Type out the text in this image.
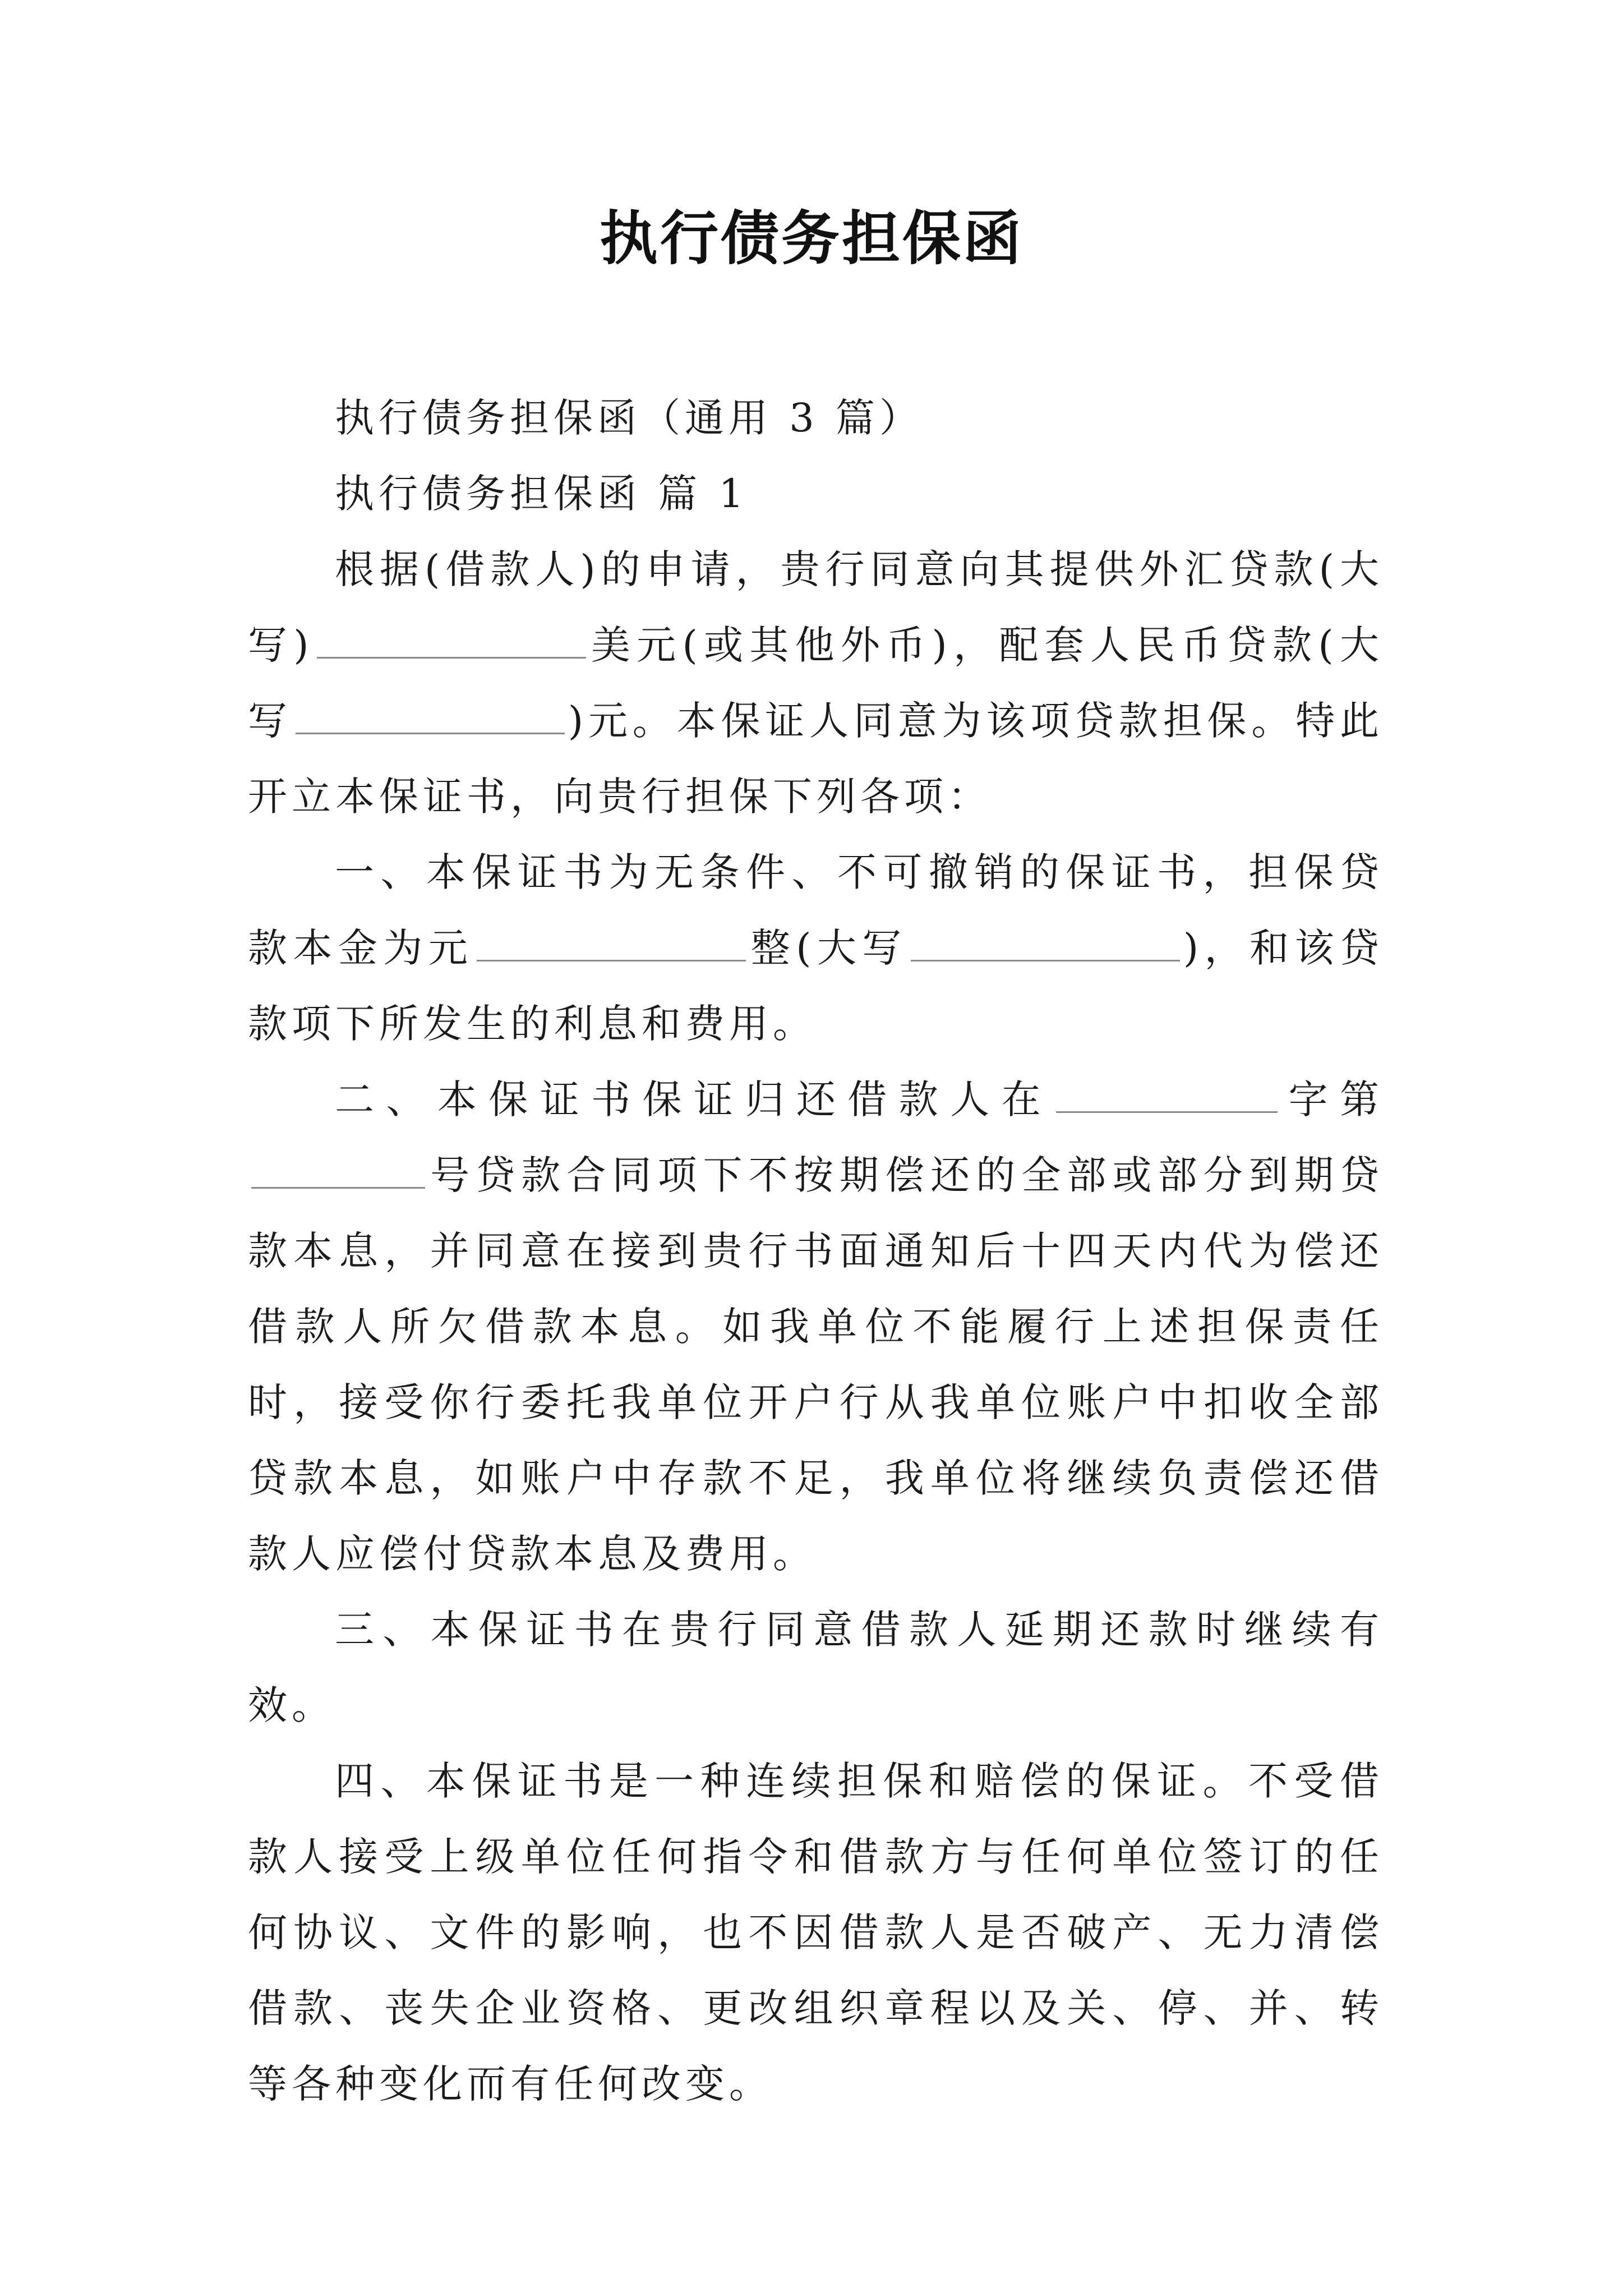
执行债务担保函

执行债务担保函（通用 3 篇）

执行债务担保函 篇 1

根据(借款人)的申请，贵行同意向其提供外汇贷款(大写)	美元(或其他外币)，配套人民币贷款(大写	)元。本保证人同意为该项贷款担保。特此开立本保证书，向贵行担保下列各项：

一、本保证书为无条件、不可撤销的保证书，担保贷款本金为元	整(大写	)，和该贷款项下所发生的利息和费用。

二、本保证书保证归还借款人在	字第号贷款合同项下不按期偿还的全部或部分到期贷款本息，并同意在接到贵行书面通知后十四天内代为偿还借款人所欠借款本息。如我单位不能履行上述担保责任时，接受你行委托我单位开户行从我单位账户中扣收全部贷款本息，如账户中存款不足，我单位将继续负责偿还借款人应偿付贷款本息及费用。

三、本保证书在贵行同意借款人延期还款时继续有效。

四、本保证书是一种连续担保和赔偿的保证。不受借款人接受上级单位任何指令和借款方与任何单位签订的任何协议、文件的影响，也不因借款人是否破产、无力清偿借款、丧失企业资格、更改组织章程以及关、停、并、转等各种变化而有任何改变。
